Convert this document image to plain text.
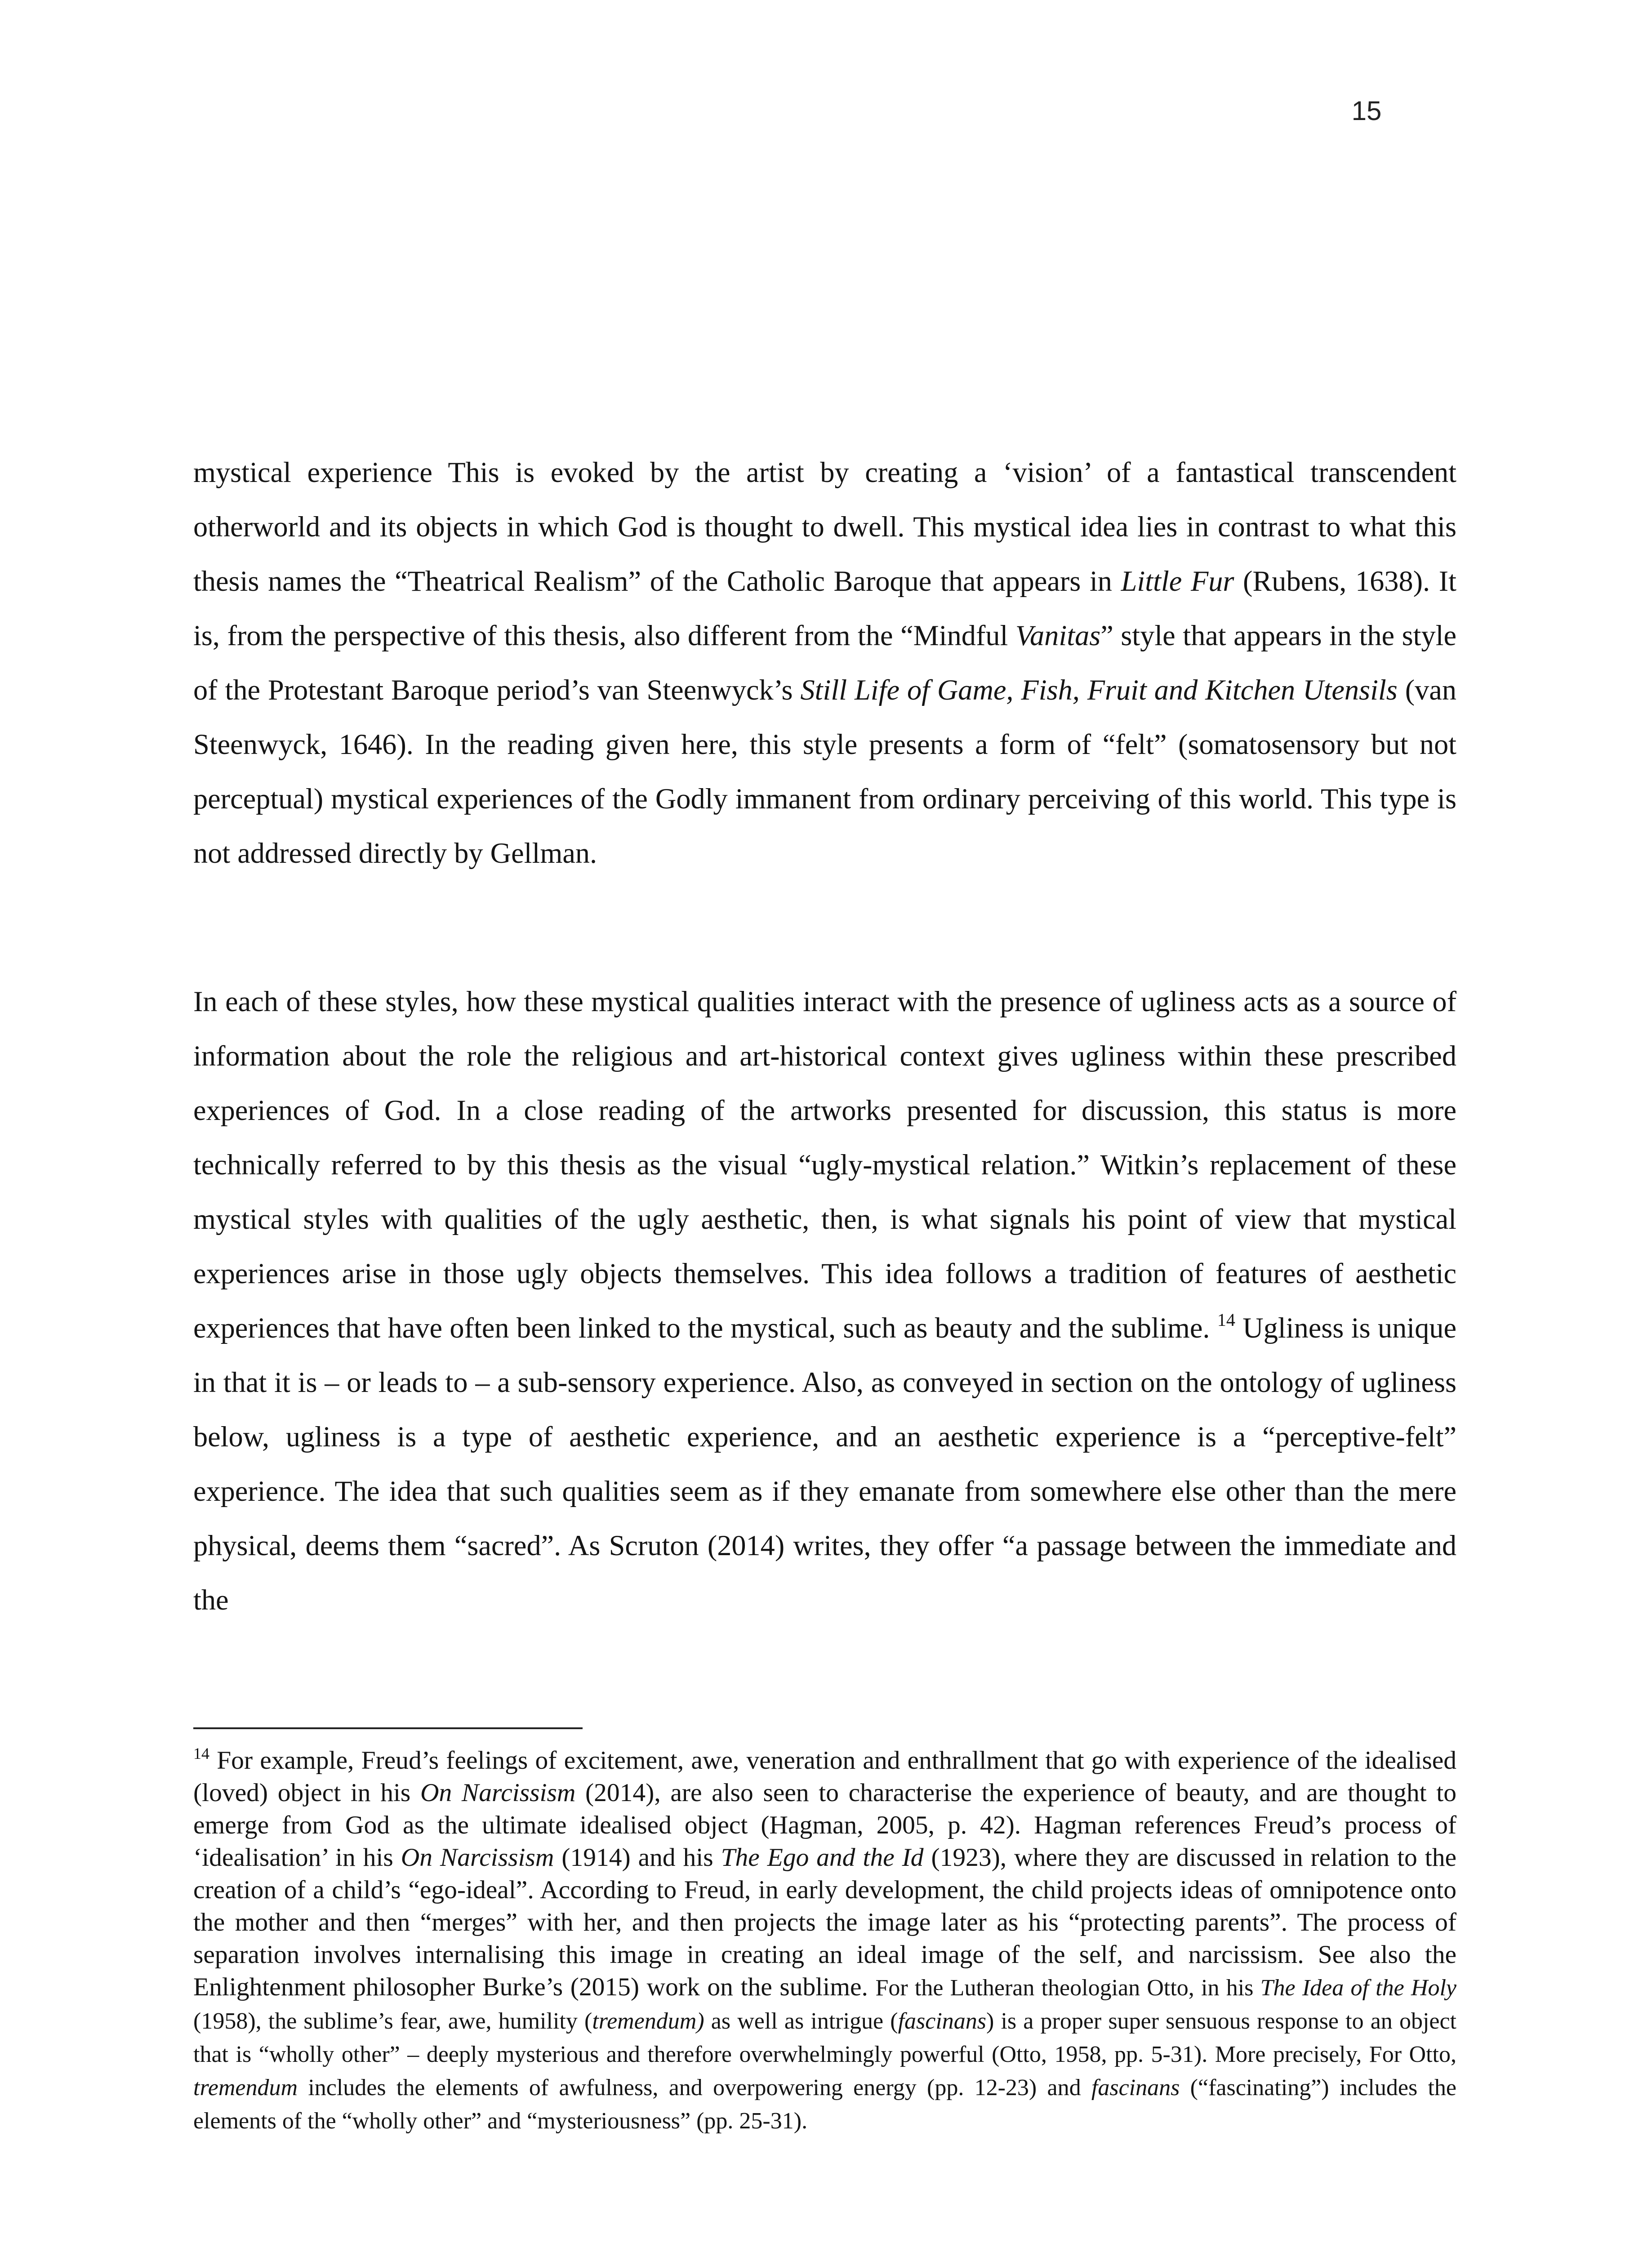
15

mystical experience This is evoked by the artist by creating a ‘vision’ of a fantastical transcendent otherworld and its objects in which God is thought to dwell. This mystical idea lies in contrast to what this thesis names the “Theatrical Realism” of the Catholic Baroque that appears in Little Fur (Rubens, 1638). It is, from the perspective of this thesis, also different from the “Mindful Vanitas” style that appears in the style of the Protestant Baroque period’s van Steenwyck’s Still Life of Game, Fish, Fruit and Kitchen Utensils (van Steenwyck, 1646). In the reading given here, this style presents a form of “felt” (somatosensory but not perceptual) mystical experiences of the Godly immanent from ordinary perceiving of this world. This type is not addressed directly by Gellman.

In each of these styles, how these mystical qualities interact with the presence of ugliness acts as a source of information about the role the religious and art-historical context gives ugliness within these prescribed experiences of God. In a close reading of the artworks presented for discussion, this status is more technically referred to by this thesis as the visual “ugly-mystical relation.” Witkin’s replacement of these mystical styles with qualities of the ugly aesthetic, then, is what signals his point of view that mystical experiences arise in those ugly objects themselves. This idea follows a tradition of features of aesthetic experiences that have often been linked to the mystical, such as beauty and the sublime. $^{14}$ Ugliness is unique in that it is – or leads to – a sub-sensory experience. Also, as conveyed in section on the ontology of ugliness below, ugliness is a type of aesthetic experience, and an aesthetic experience is a “perceptive-felt” experience. The idea that such qualities seem as if they emanate from somewhere else other than the mere physical, deems them “sacred”. As Scruton (2014) writes, they offer “a passage between the immediate and the

$^{14}$ For example, Freud’s feelings of excitement, awe, veneration and enthrallment that go with experience of the idealised (loved) object in his On Narcissism (2014), are also seen to characterise the experience of beauty, and are thought to emerge from God as the ultimate idealised object (Hagman, 2005, p. 42). Hagman references Freud’s process of ‘idealisation’ in his On Narcissism (1914) and his The Ego and the Id (1923), where they are discussed in relation to the creation of a child’s “ego-ideal”. According to Freud, in early development, the child projects ideas of omnipotence onto the mother and then “merges” with her, and then projects the image later as his “protecting parents”. The process of separation involves internalising this image in creating an ideal image of the self, and narcissism. See also the Enlightenment philosopher Burke’s (2015) work on the sublime. For the Lutheran theologian Otto, in his The Idea of the Holy (1958), the sublime’s fear, awe, humility (tremendum) as well as intrigue (fascinans) is a proper super sensuous response to an object that is “wholly other” – deeply mysterious and therefore overwhelmingly powerful (Otto, 1958, pp. 5-31). More precisely, For Otto, tremendum includes the elements of awfulness, and overpowering energy (pp. 12-23) and fascinans (“fascinating”) includes the elements of the “wholly other” and “mysteriousness” (pp. 25-31).
